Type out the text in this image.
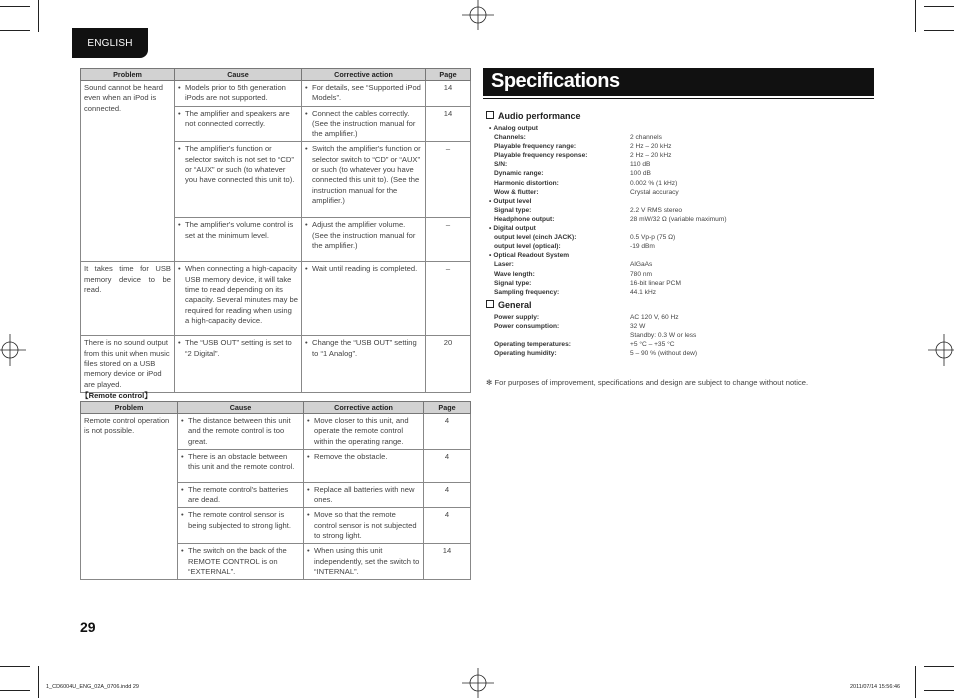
ENGLISH
Problem	Cause	Corrective action	Page
Sound cannot be heard even when an iPod is connected.	• Models prior to 5th generation iPods are not supported.	• For details, see “Supported iPod Models”.	14

	• The amplifier and speakers are not connected correctly.	• Connect the cables correctly. (See the instruction manual for the amplifier.)	14

	• The amplifier's function or selector switch is not set to “CD” or “AUX” or such (to whatever you have connected this unit to).	• Switch the amplifier's function or selector switch to “CD” or “AUX” or such (to whatever you have connected this unit to). (See the instruction manual for the amplifier.)	–

	• The amplifier's volume control is set at the minimum level.	• Adjust the amplifier volume. (See the instruction manual for the amplifier.)	–
It takes time for USB memory device to be read.	• When connecting a high-capacity USB memory device, it will take time to read depending on its capacity. Several minutes may be required for reading when using a high-capacity device.	• Wait until reading is completed.	–
There is no sound output from this unit when music files stored on a USB memory device or iPod are played.	• The “USB OUT” setting is set to “2 Digital”.	• Change the “USB OUT” setting to “1 Analog”.	20
【Remote control】
Problem	Cause	Corrective action	Page
Remote control operation is not possible.	• The distance between this unit and the remote control is too great.	• Move closer to this unit, and operate the remote control within the operating range.	4

	• There is an obstacle between this unit and the remote control.	• Remove the obstacle.	4

	• The remote control's batteries are dead.	• Replace all batteries with new ones.	4

	• The remote control sensor is being subjected to strong light.	• Move so that the remote control sensor is not subjected to strong light.	4

	• The switch on the back of the REMOTE CONTROL is on “EXTERNAL”.	• When using this unit independently, set the switch to “INTERNAL”.	14
Specifications
Audio performance
• Analog output
Channels:	2 channels
Playable frequency range:	2 Hz – 20 kHz
Playable frequency response:	2 Hz – 20 kHz
S/N:	110 dB
Dynamic range:	100 dB
Harmonic distortion:	0.002 % (1 kHz)
Wow & flutter:	Crystal accuracy
• Output level
Signal type:	2.2 V RMS stereo
Headphone output:	28 mW/32 Ω (variable maximum)
• Digital output
output level (cinch JACK):	0.5 Vp-p (75 Ω)
output level (optical):	-19 dBm
• Optical Readout System
Laser:	AlGaAs
Wave length:	780 nm
Signal type:	16-bit linear PCM
Sampling frequency:	44.1 kHz
General
Power supply:	AC 120 V, 60 Hz
Power consumption:	32 W
Standby: 0.3 W or less
Operating temperatures:	+5 °C – +35 °C
Operating humidity:	5 – 90 % (without dew)
✻ For purposes of improvement, specifications and design are subject to change without notice.
29
1_CD6004U_ENG_02A_0706.indd 29	2011/07/14 15:56:46
